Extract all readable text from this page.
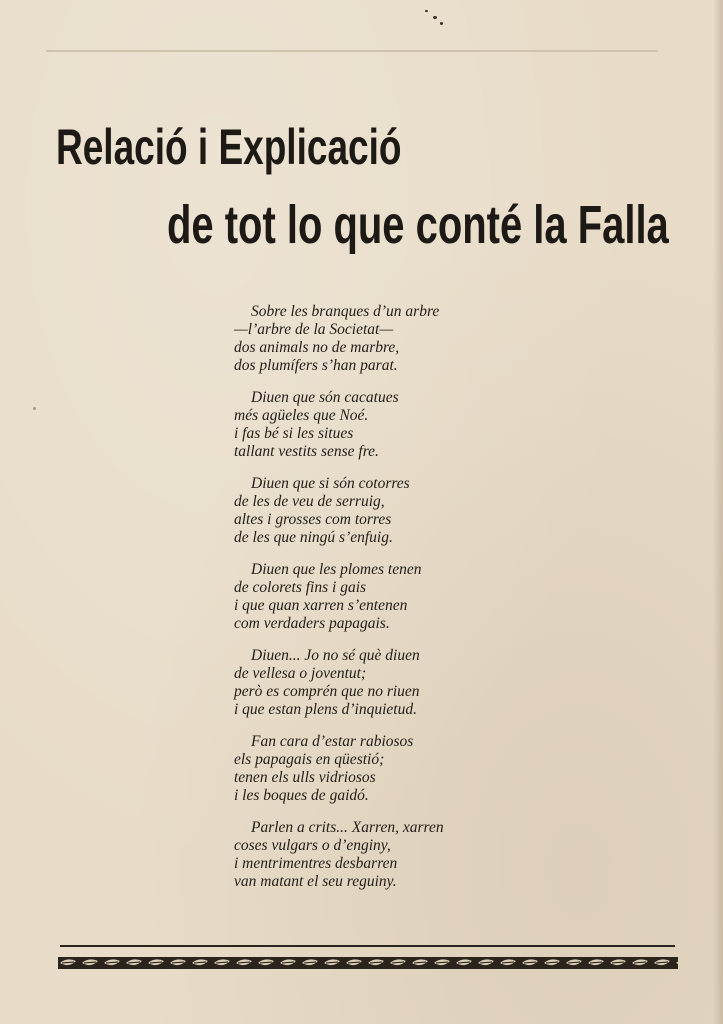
Relació i Explicació
de tot lo que conté la Falla
Sobre les branques d’un arbre
—l’arbre de la Societat—
dos animals no de marbre,
dos plumífers s’han parat.
Diuen que són cacatues
més agüeles que Noé.
i fas bé si les situes
tallant vestits sense fre.
Diuen que si són cotorres
de les de veu de serruig,
altes i grosses com torres
de les que ningú s’enfuig.
Diuen que les plomes tenen
de colorets fins i gais
i que quan xarren s’entenen
com verdaders papagais.
Diuen... Jo no sé què diuen
de vellesa o joventut;
però es comprén que no riuen
i que estan plens d’inquietud.
Fan cara d’estar rabiosos
els papagais en qüestió;
tenen els ulls vidriosos
i les boques de gaidó.
Parlen a crits... Xarren, xarren
coses vulgars o d’enginy,
i mentrimentres desbarren
van matant el seu reguiny.
